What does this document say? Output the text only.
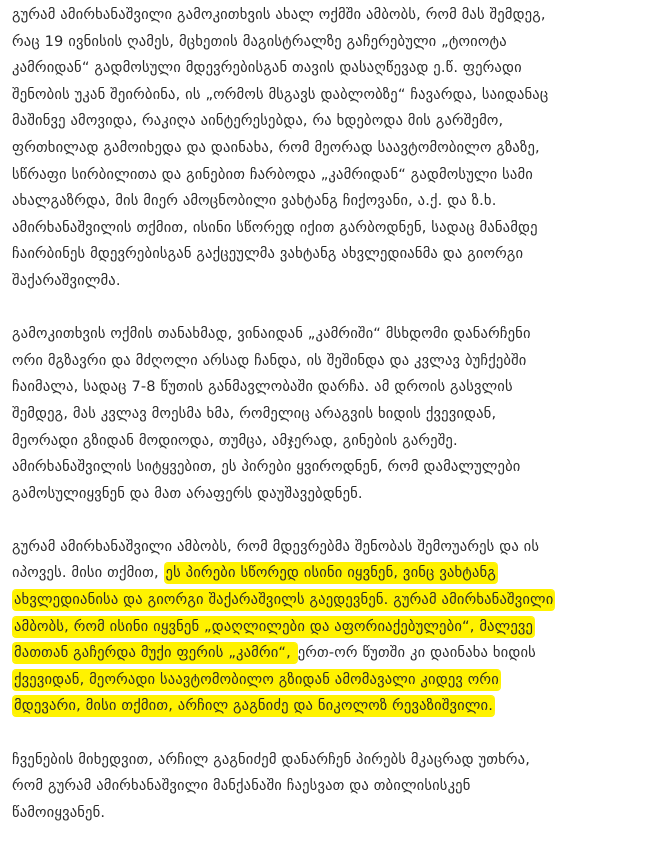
გურამ ამირხანაშვილი გამოკითხვის ახალ ოქმში ამბობს, რომ მას შემდეგ,
რაც 19 ივნისის ღამეს, მცხეთის მაგისტრალზე გაჩერებული „ტოიოტა
კამრიდან“ გადმოსული მდევრებისგან თავის დასაღწევად ე.წ. ფერადი
შენობის უკან შეირბინა, ის „ორმოს მსგავს დაბლობზე“ ჩავარდა, საიდანაც
მაშინვე ამოვიდა, რაკიღა აინტერესებდა, რა ხდებოდა მის გარშემო,
ფრთხილად გამოიხედა და დაინახა, რომ მეორად საავტომობილო გზაზე,
სწრაფი სირბილითა და გინებით ჩარბოდა „კამრიდან“ გადმოსული სამი
ახალგაზრდა, მის მიერ ამოცნობილი ვახტანგ ჩიქოვანი, ა.ქ. და ზ.ხ.
ამირხანაშვილის თქმით, ისინი სწორედ იქით გარბოდნენ, სადაც მანამდე
ჩაირბინეს მდევრებისგან გაქცეულმა ვახტანგ ახვლედიანმა და გიორგი
შაქარაშვილმა.
გამოკითხვის ოქმის თანახმად, ვინაიდან „კამრიში“ მსხდომი დანარჩენი
ორი მგზავრი და მძღოლი არსად ჩანდა, ის შეშინდა და კვლავ ბუჩქებში
ჩაიმალა, სადაც 7-8 წუთის განმავლობაში დარჩა. ამ დროის გასვლის
შემდეგ, მას კვლავ მოესმა ხმა, რომელიც არაგვის ხიდის ქვევიდან,
მეორადი გზიდან მოდიოდა, თუმცა, ამჯერად, გინების გარეშე.
ამირხანაშვილის სიტყვებით, ეს პირები ყვიროდნენ, რომ დამალულები
გამოსულიყვნენ და მათ არაფერს დაუშავებდნენ.
გურამ ამირხანაშვილი ამბობს, რომ მდევრებმა შენობას შემოუარეს და ის
იპოვეს. მისი თქმით, ეს პირები სწორედ ისინი იყვნენ, ვინც ვახტანგ
ახვლედიანისა და გიორგი შაქარაშვილს გაედევნენ. გურამ ამირხანაშვილი
ამბობს, რომ ისინი იყვნენ „დაღლილები და აფორიაქებულები“, მალევე
მათთან გაჩერდა მუქი ფერის „კამრი“, ერთ-ორ წუთში კი დაინახა ხიდის
ქვევიდან, მეორადი საავტომობილო გზიდან ამომავალი კიდევ ორი
მდევარი, მისი თქმით, არჩილ გაგნიძე და ნიკოლოზ რევაზიშვილი.
ჩვენების მიხედვით, არჩილ გაგნიძემ დანარჩენ პირებს მკაცრად უთხრა,
რომ გურამ ამირხანაშვილი მანქანაში ჩაესვათ და თბილისისკენ
წამოიყვანენ.
